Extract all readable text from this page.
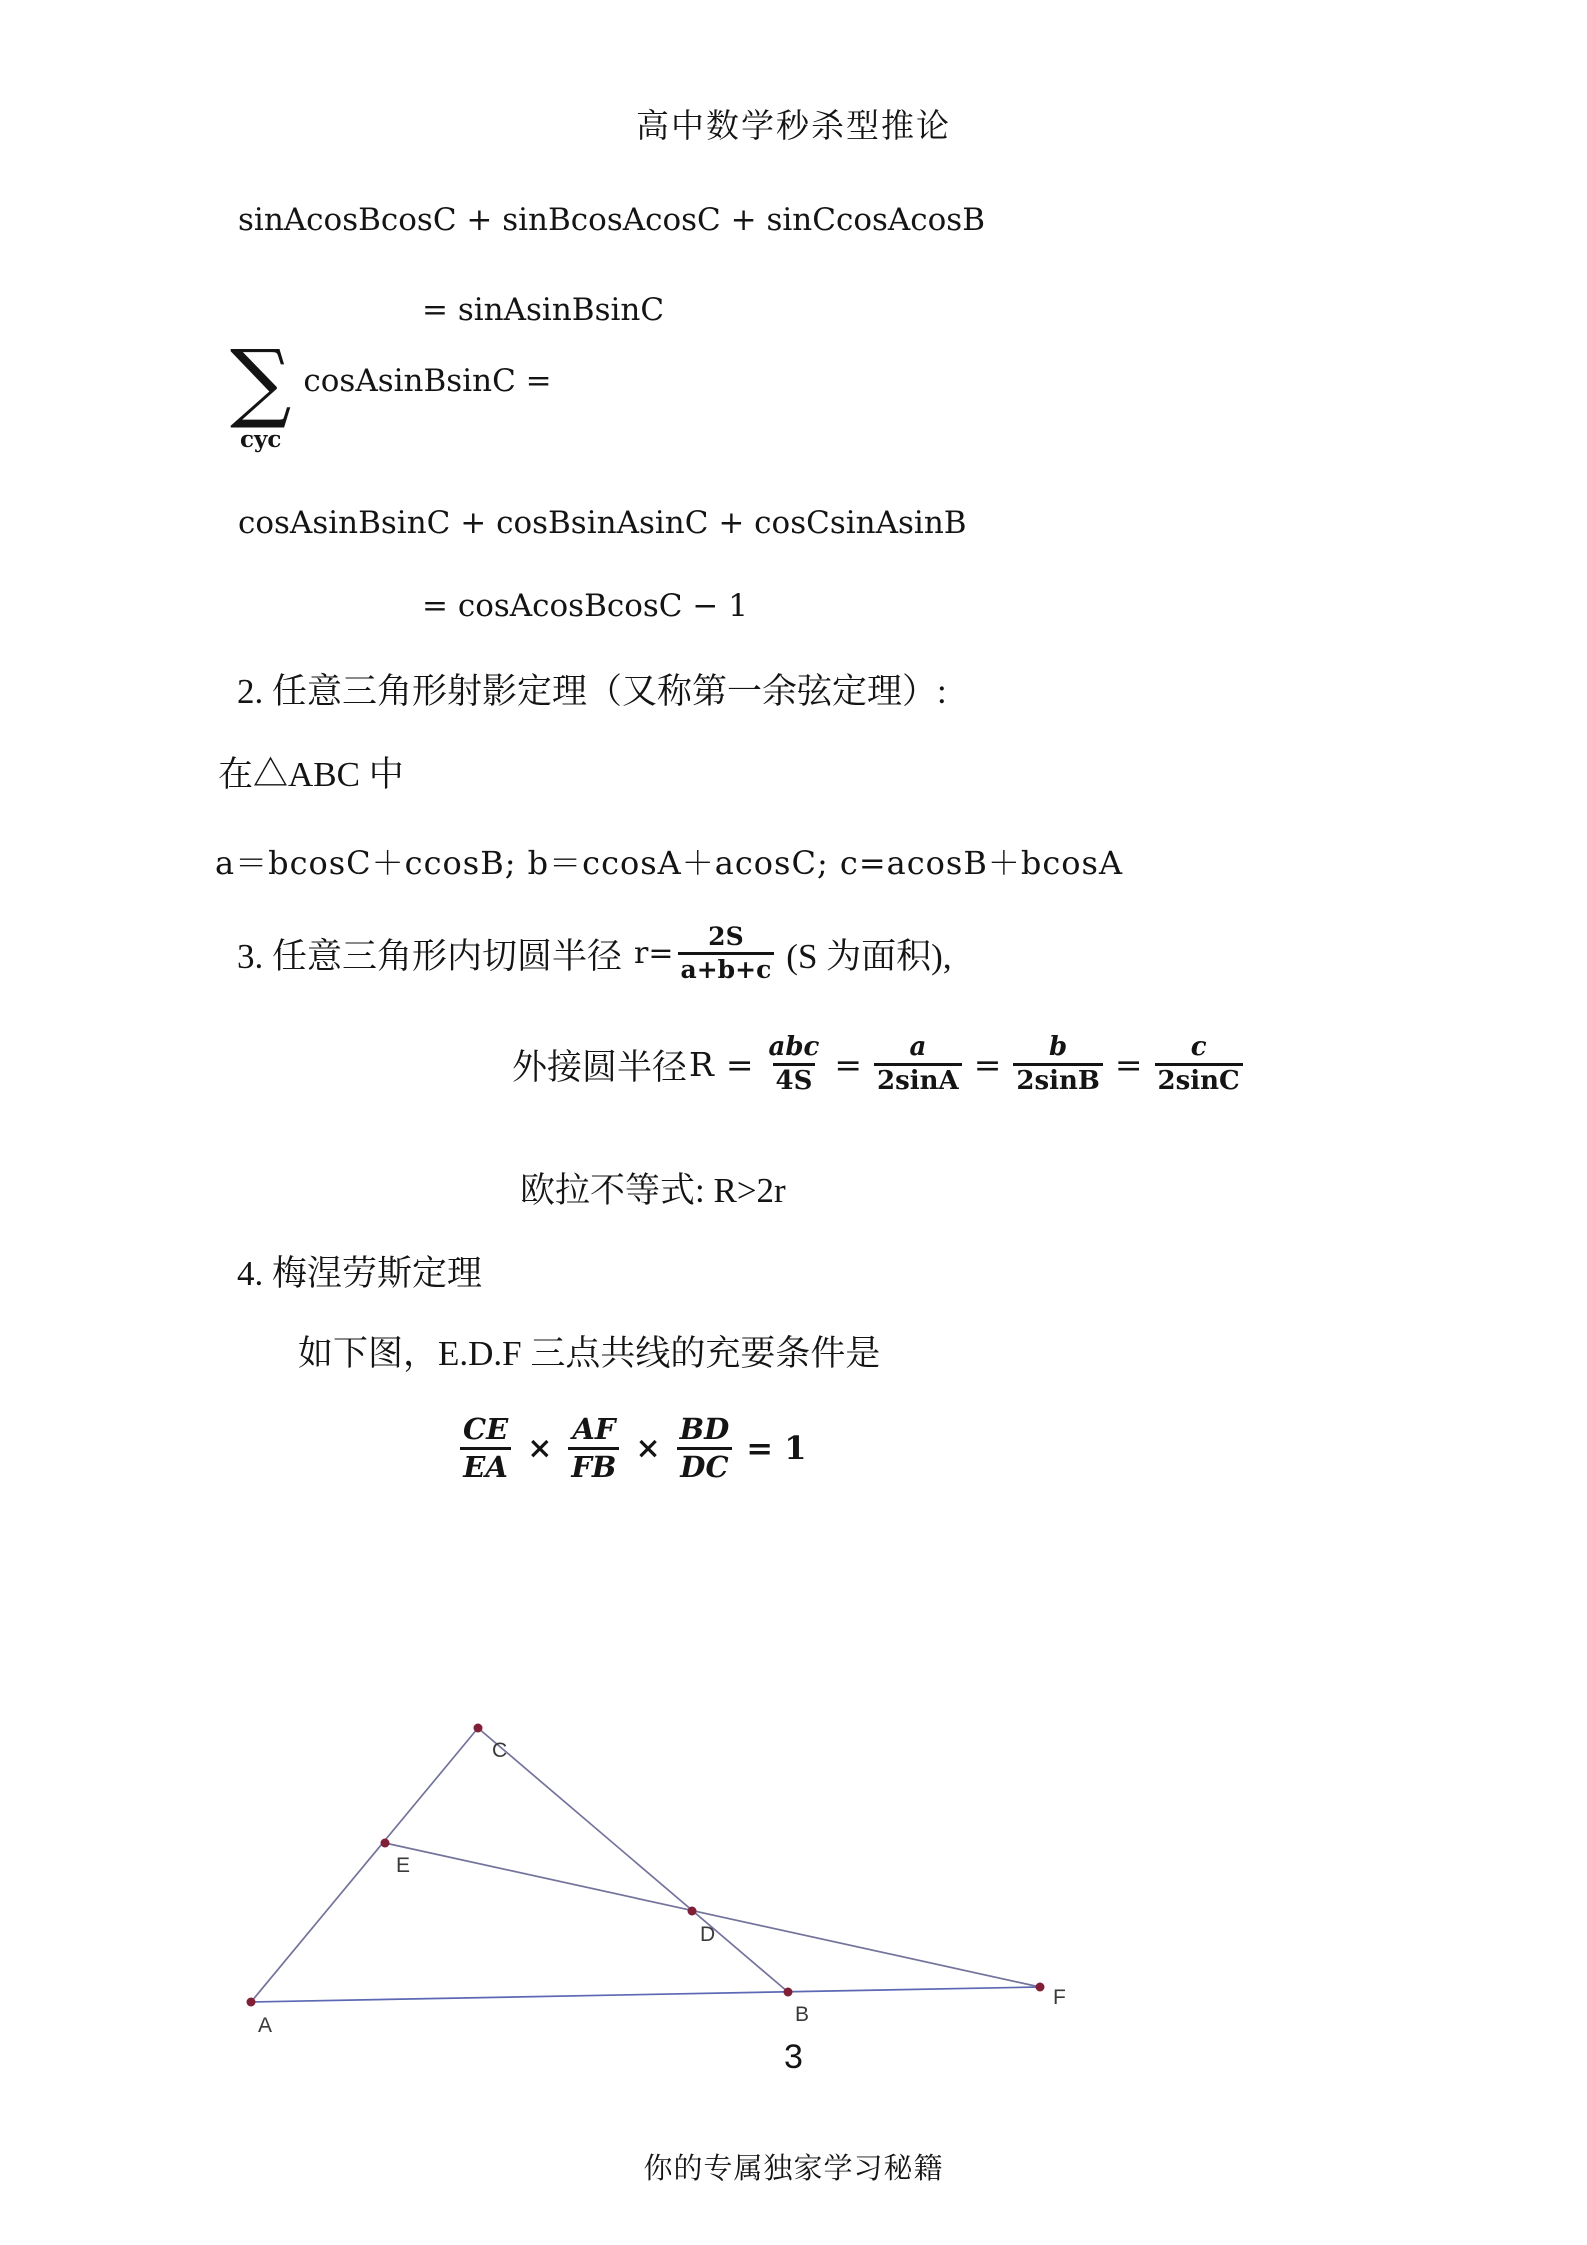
高中数学秒杀型推论
sinAcosBcosC + sinBcosAcosC + sinCcosAcosB
= sinAsinBsinC
∑
cyc
cosAsinBsinC =
cosAsinBsinC + cosBsinAsinC + cosCsinAsinB
= cosAcosBcosC − 1
2. 任意三角形射影定理（又称第一余弦定理）:
在△ABC 中
a＝bcosC＋ccosB; b＝ccosA＋acosC; c=acosB＋bcosA
3. 任意三角形内切圆半径 $r= \frac{2S}{a+b+c} (S$ 为面积),
外接圆半径 $R = \frac{\text{abc}}{4S} = \frac{a}{2\sin A} = \frac{b}{2\sin B} = \frac{c}{2\sin C}$
欧拉不等式: R>2r
4. 梅涅劳斯定理
如下图，E.D.F 三点共线的充要条件是
$\frac{CE}{EA} \times \frac{AF}{FB} \times \frac{BD}{DC} = 1$
A	B
C
D
E
F
3
你的专属独家学习秘籍
